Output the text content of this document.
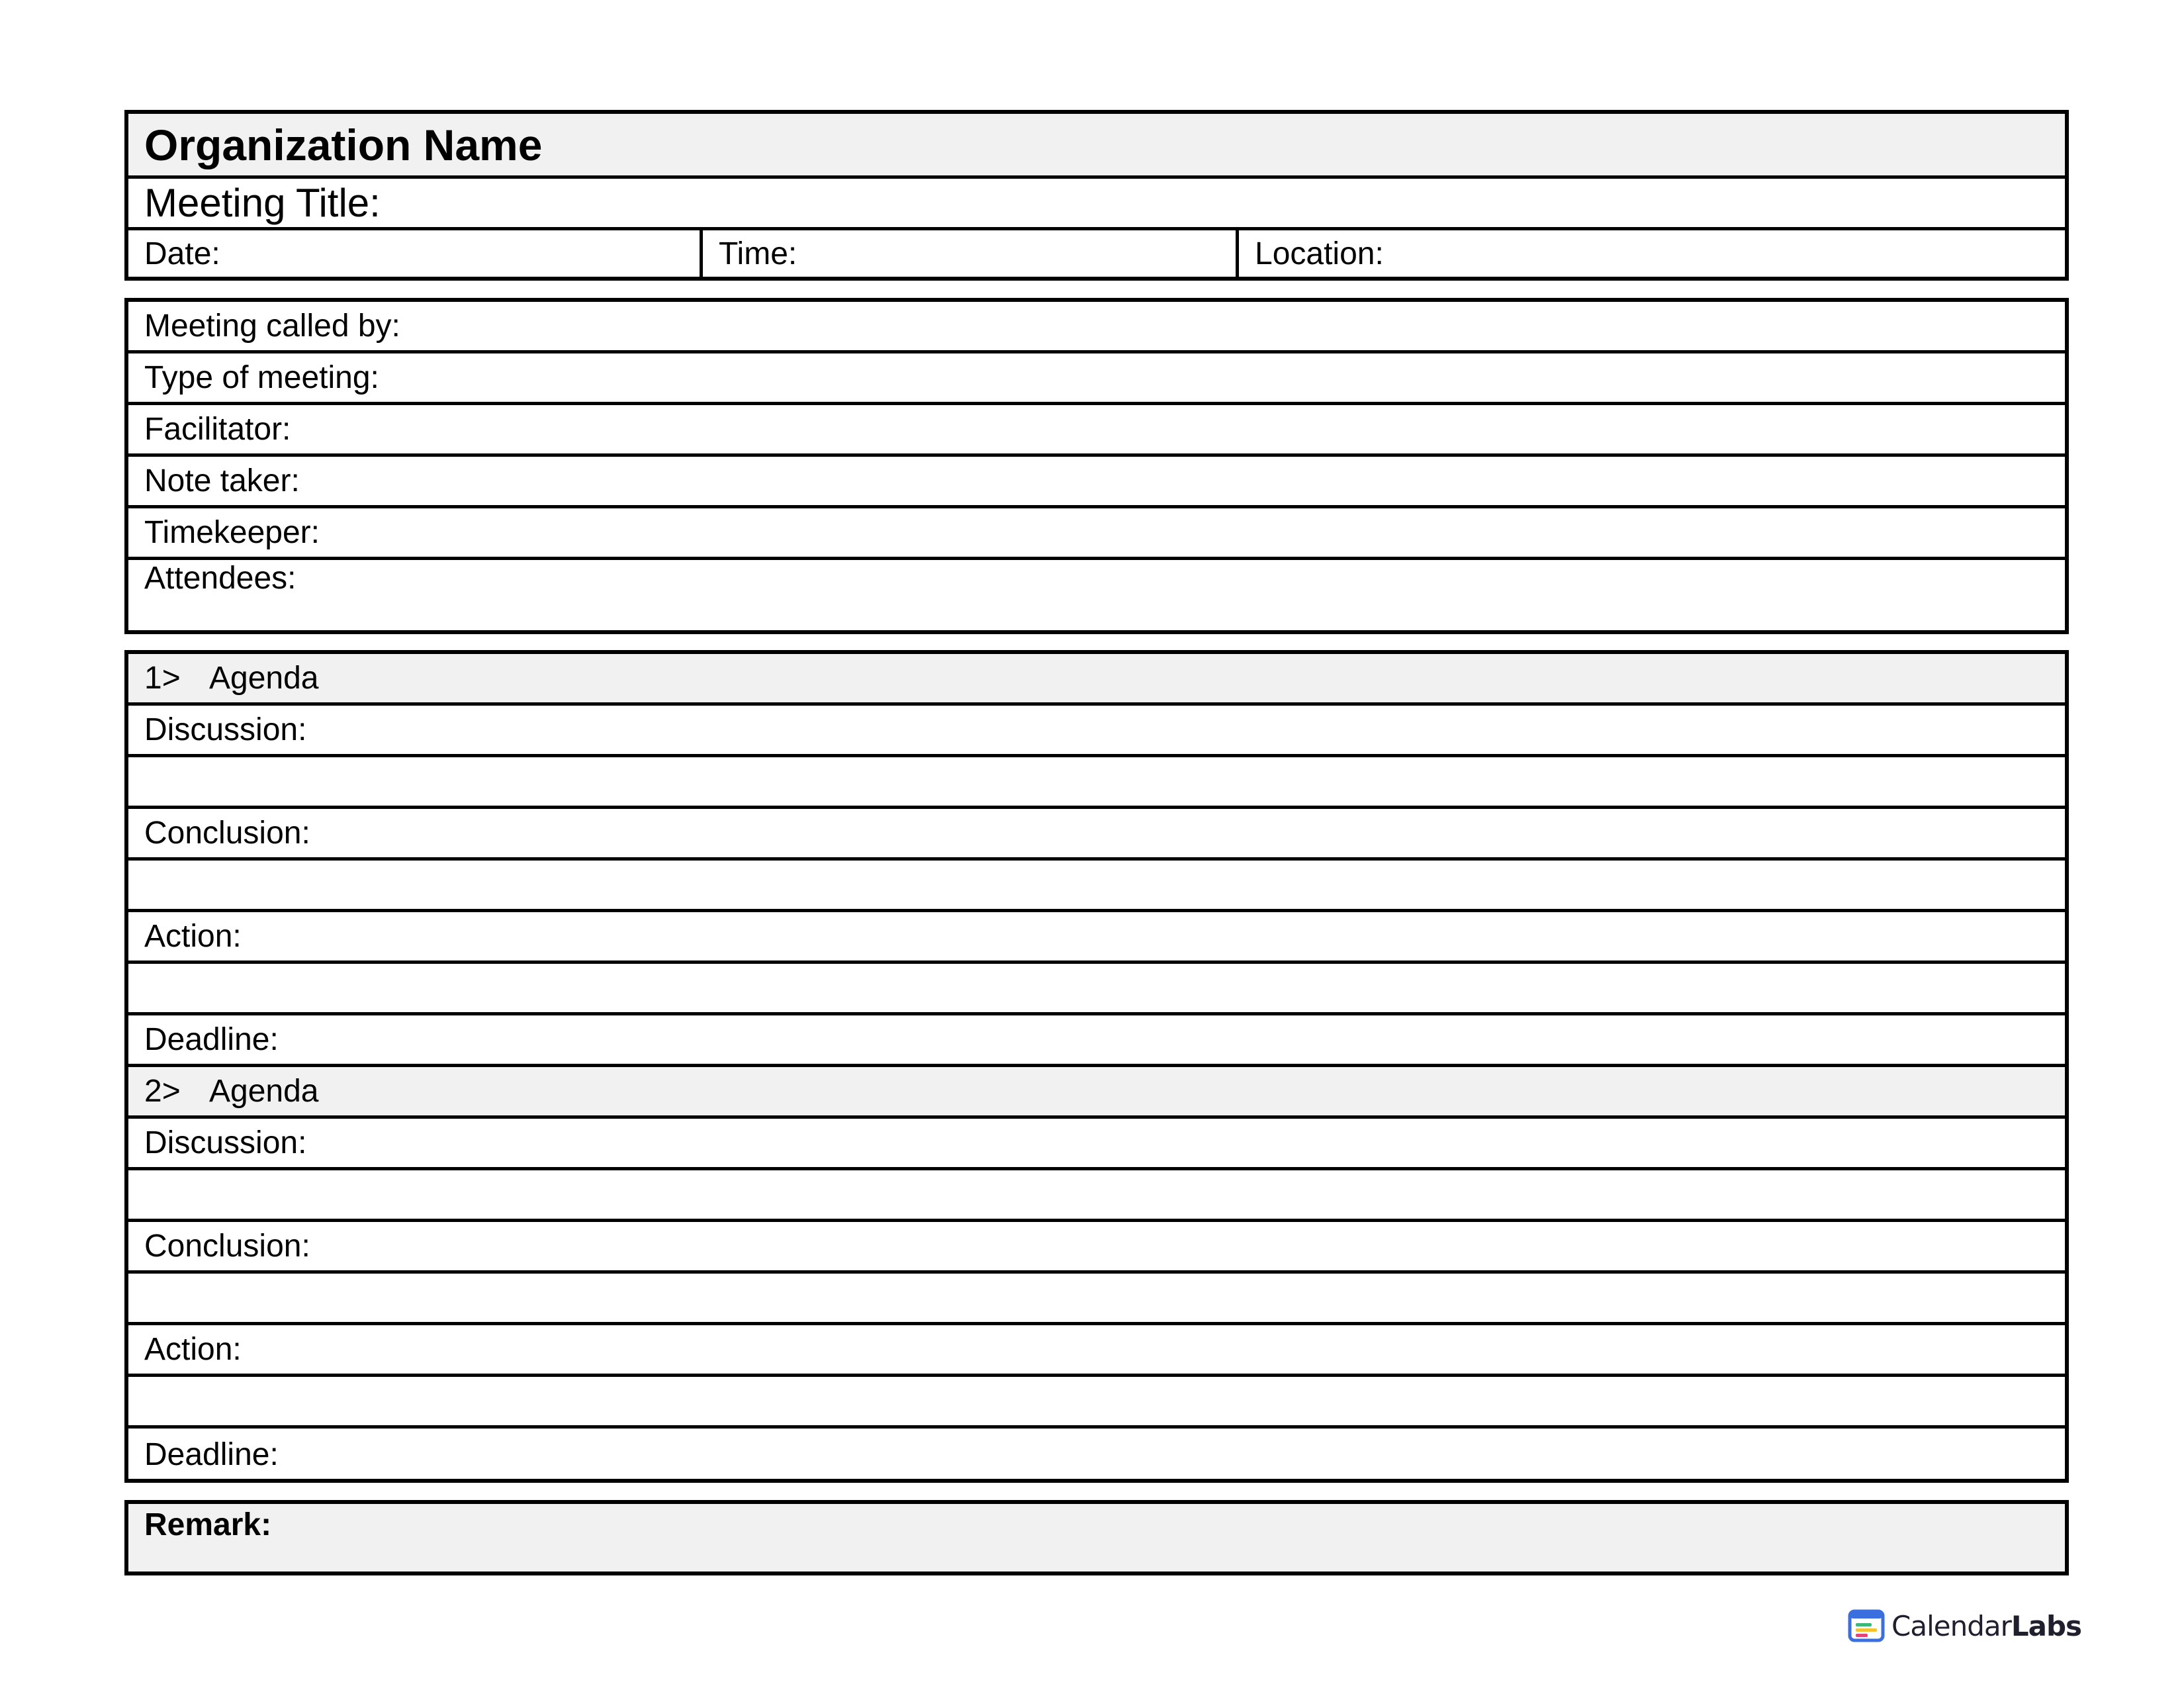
Organization Name
Meeting Title:
Date:	Time:	Location:
Meeting called by:
Type of meeting:
Facilitator:
Note taker:
Timekeeper:
Attendees:
1> Agenda
Discussion:
Conclusion:
Action:
Deadline:
2> Agenda
Discussion:
Conclusion:
Action:
Deadline:
Remark:
CalendarLabs
